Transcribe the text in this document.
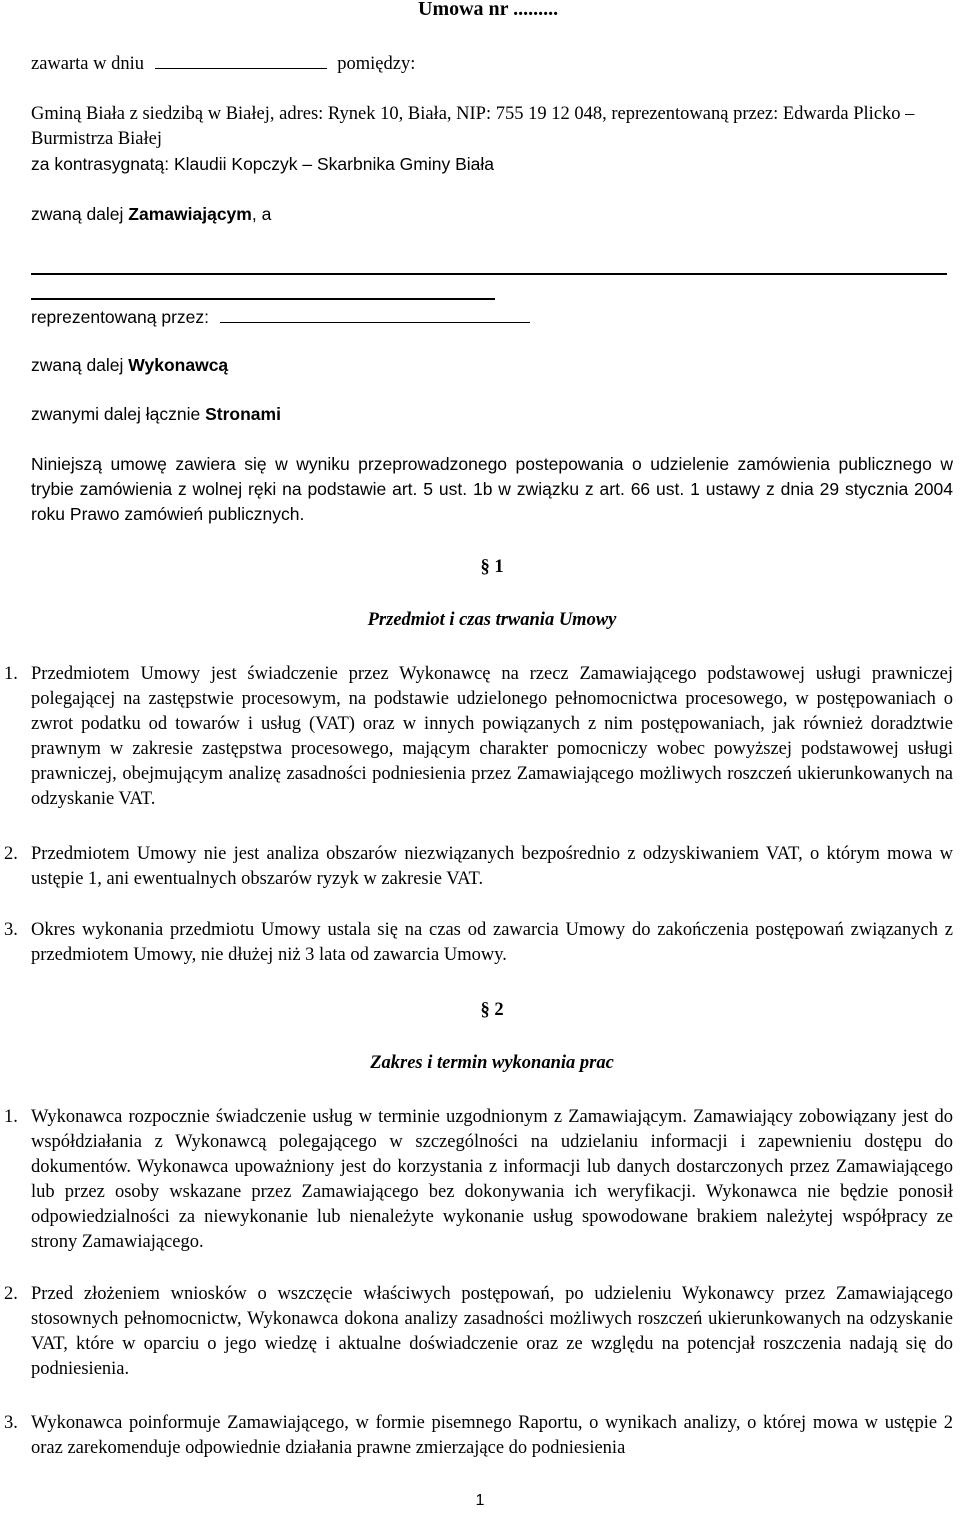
Umowa nr .........
zawarta w dniu	pomiędzy:
Gminą Biała z siedzibą w Białej, adres: Rynek 10, Biała, NIP: 755 19 12 048, reprezentowaną przez: Edwarda Plicko – Burmistrza Białej
za kontrasygnatą: Klaudii Kopczyk – Skarbnika Gminy Biała
zwaną dalej Zamawiającym, a
reprezentowaną przez:
zwaną dalej Wykonawcą
zwanymi dalej łącznie Stronami
Niniejszą umowę zawiera się w wyniku przeprowadzonego postepowania o udzielenie zamówienia publicznego w trybie zamówienia z wolnej ręki na podstawie art. 5 ust. 1b w związku z art. 66 ust. 1 ustawy z dnia 29 stycznia 2004 roku Prawo zamówień publicznych.
§ 1
Przedmiot i czas trwania Umowy
1. Przedmiotem Umowy jest świadczenie przez Wykonawcę na rzecz Zamawiającego podstawowej usługi prawniczej polegającej na zastępstwie procesowym, na podstawie udzielonego pełnomocnictwa procesowego, w postępowaniach o zwrot podatku od towarów i usług (VAT) oraz w innych powiązanych z nim postępowaniach, jak również doradztwie prawnym w zakresie zastępstwa procesowego, mającym charakter pomocniczy wobec powyższej podstawowej usługi prawniczej, obejmującym analizę zasadności podniesienia przez Zamawiającego możliwych roszczeń ukierunkowanych na odzyskanie VAT.
2. Przedmiotem Umowy nie jest analiza obszarów niezwiązanych bezpośrednio z odzyskiwaniem VAT, o którym mowa w ustępie 1, ani ewentualnych obszarów ryzyk w zakresie VAT.
3. Okres wykonania przedmiotu Umowy ustala się na czas od zawarcia Umowy do zakończenia postępowań związanych z przedmiotem Umowy, nie dłużej niż 3 lata od zawarcia Umowy.
§ 2
Zakres i termin wykonania prac
1. Wykonawca rozpocznie świadczenie usług w terminie uzgodnionym z Zamawiającym. Zamawiający zobowiązany jest do współdziałania z Wykonawcą polegającego w szczególności na udzielaniu informacji i zapewnieniu dostępu do dokumentów. Wykonawca upoważniony jest do korzystania z informacji lub danych dostarczonych przez Zamawiającego lub przez osoby wskazane przez Zamawiającego bez dokonywania ich weryfikacji. Wykonawca nie będzie ponosił odpowiedzialności za niewykonanie lub nienależyte wykonanie usług spowodowane brakiem należytej współpracy ze strony Zamawiającego.
2. Przed złożeniem wniosków o wszczęcie właściwych postępowań, po udzieleniu Wykonawcy przez Zamawiającego stosownych pełnomocnictw, Wykonawca dokona analizy zasadności możliwych roszczeń ukierunkowanych na odzyskanie VAT, które w oparciu o jego wiedzę i aktualne doświadczenie oraz ze względu na potencjał roszczenia nadają się do podniesienia.
3. Wykonawca poinformuje Zamawiającego, w formie pisemnego Raportu, o wynikach analizy, o której mowa w ustępie 2 oraz zarekomenduje odpowiednie działania prawne zmierzające do podniesienia
1
